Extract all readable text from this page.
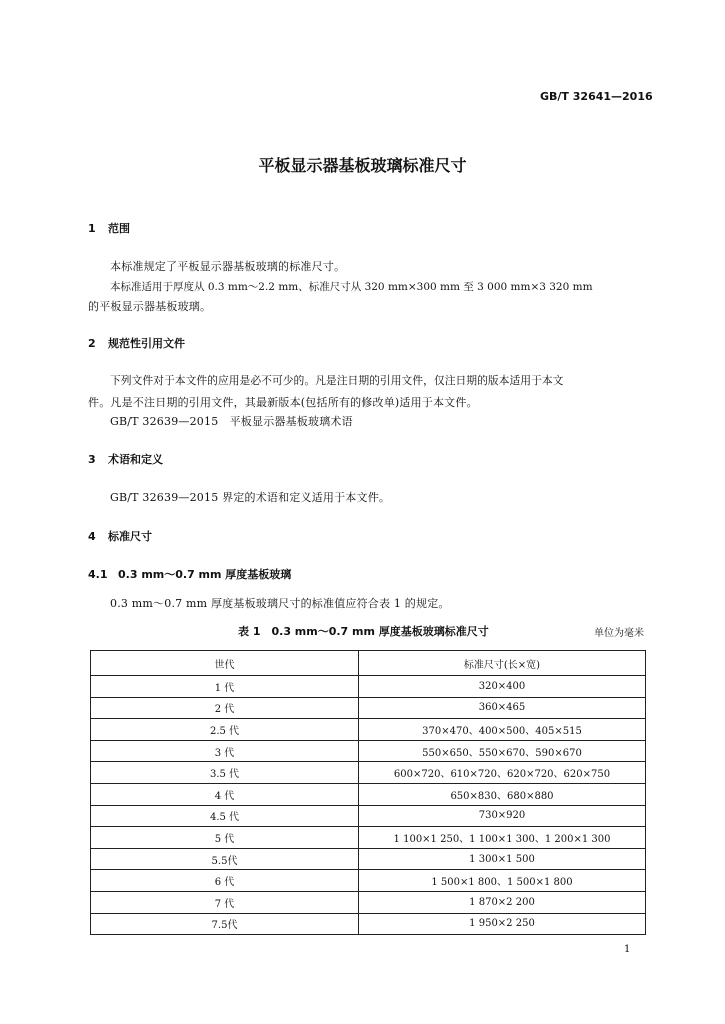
GB/T 32641—2016
平板显示器基板玻璃标准尺寸
1 范围
本标准规定了平板显示器基板玻璃的标准尺寸。
本标准适用于厚度从 0.3 mm～2.2 mm、标准尺寸从 320 mm×300 mm 至 3 000 mm×3 320 mm
的平板显示器基板玻璃。
2 规范性引用文件
下列文件对于本文件的应用是必不可少的。凡是注日期的引用文件，仅注日期的版本适用于本文
件。凡是不注日期的引用文件，其最新版本(包括所有的修改单)适用于本文件。
GB/T 32639—2015　平板显示器基板玻璃术语
3 术语和定义
GB/T 32639—2015 界定的术语和定义适用于本文件。
4 标准尺寸
4.1 0.3 mm～0.7 mm 厚度基板玻璃
0.3 mm～0.7 mm 厚度基板玻璃尺寸的标准值应符合表 1 的规定。
表 1　0.3 mm～0.7 mm 厚度基板玻璃标准尺寸	单位为毫米
世代	标准尺寸(长×宽)
1 代	320×400
2 代	360×465
2.5 代	370×470、400×500、405×515
3 代	550×650、550×670、590×670
3.5 代	600×720、610×720、620×720、620×750
4 代	650×830、680×880
4.5 代	730×920
5 代	1 100×1 250、1 100×1 300、1 200×1 300
5.5代	1 300×1 500
6 代	1 500×1 800、1 500×1 800
7 代	1 870×2 200
7.5代	1 950×2 250
1
